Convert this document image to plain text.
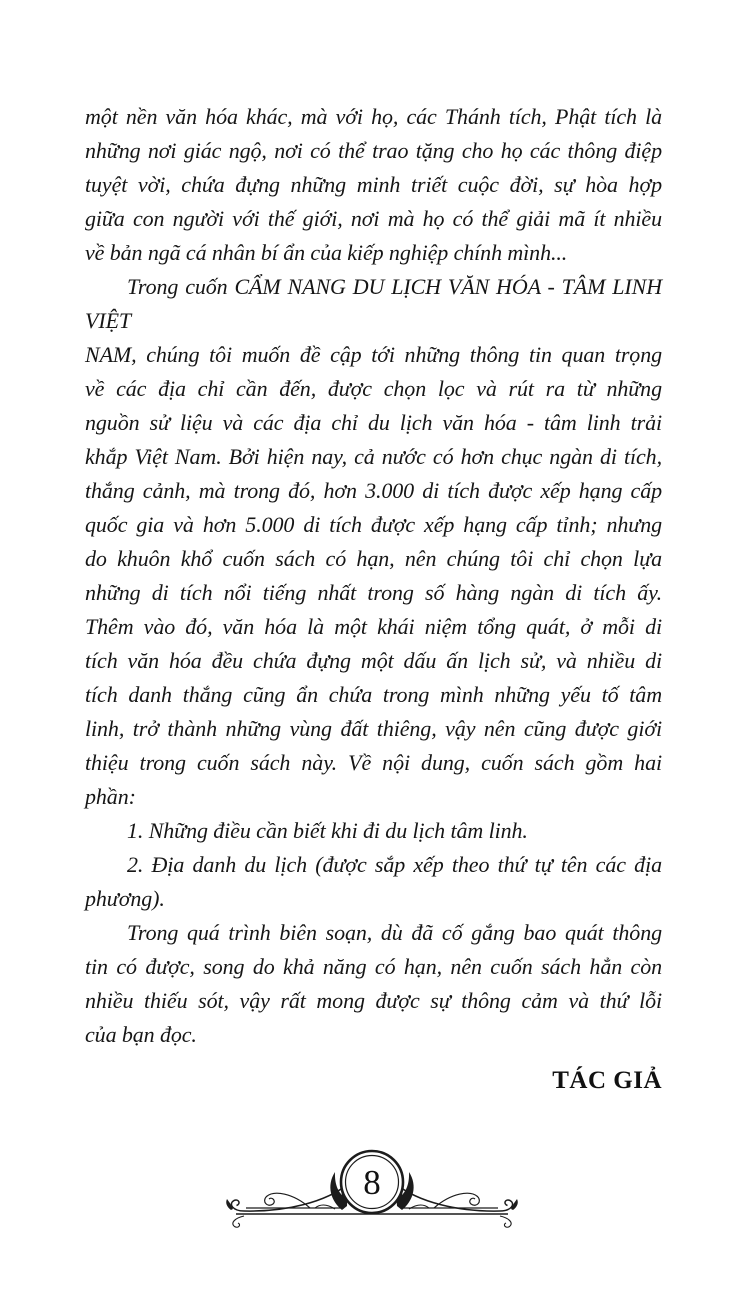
một nền văn hóa khác, mà với họ, các Thánh tích, Phật tích là
những nơi giác ngộ, nơi có thể trao tặng cho họ các thông điệp
tuyệt vời, chứa đựng những minh triết cuộc đời, sự hòa hợp
giữa con người với thế giới, nơi mà họ có thể giải mã ít nhiều
về bản ngã cá nhân bí ẩn của kiếp nghiệp chính mình...
Trong cuốn CẨM NANG DU LỊCH VĂN HÓA - TÂM LINH VIỆT
NAM, chúng tôi muốn đề cập tới những thông tin quan trọng
về các địa chỉ cần đến, được chọn lọc và rút ra từ những
nguồn sử liệu và các địa chỉ du lịch văn hóa - tâm linh trải
khắp Việt Nam. Bởi hiện nay, cả nước có hơn chục ngàn di tích,
thắng cảnh, mà trong đó, hơn 3.000 di tích được xếp hạng cấp
quốc gia và hơn 5.000 di tích được xếp hạng cấp tỉnh; nhưng
do khuôn khổ cuốn sách có hạn, nên chúng tôi chỉ chọn lựa
những di tích nổi tiếng nhất trong số hàng ngàn di tích ấy.
Thêm vào đó, văn hóa là một khái niệm tổng quát, ở mỗi di
tích văn hóa đều chứa đựng một dấu ấn lịch sử, và nhiều di
tích danh thắng cũng ẩn chứa trong mình những yếu tố tâm
linh, trở thành những vùng đất thiêng, vậy nên cũng được giới
thiệu trong cuốn sách này. Về nội dung, cuốn sách gồm hai
phần:
1. Những điều cần biết khi đi du lịch tâm linh.
2. Địa danh du lịch (được sắp xếp theo thứ tự tên các địa
phương).
Trong quá trình biên soạn, dù đã cố gắng bao quát thông
tin có được, song do khả năng có hạn, nên cuốn sách hẳn còn
nhiều thiếu sót, vậy rất mong được sự thông cảm và thứ lỗi
của bạn đọc.
TÁC GIẢ
8
